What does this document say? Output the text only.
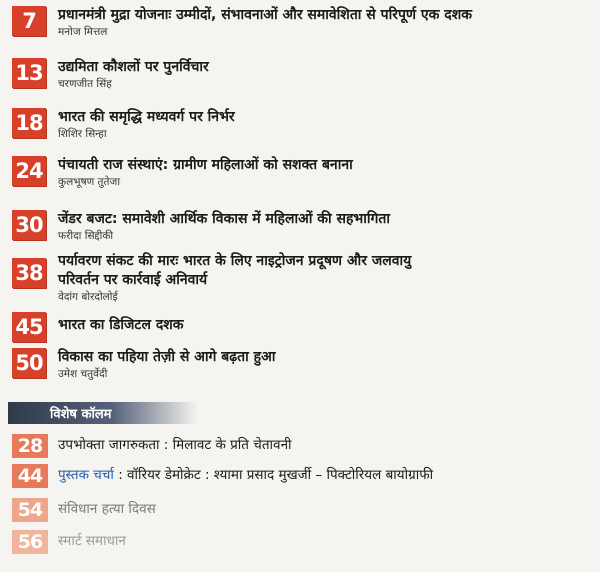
7	प्रधानमंत्री मुद्रा योजनाः उम्मीदों, संभावनाओं और समावेशिता से परिपूर्ण एक दशक

मनोज मित्तल

13 उद्यमिता कौशलों पर पुनर्विचार

चरणजीत सिंह

18 भारत की समृद्धि मध्यवर्ग पर निर्भर

शिशिर सिन्हा

24 पंचायती राज संस्थाएं: ग्रामीण महिलाओं को सशक्त बनाना

कुलभूषण तुतेजा

30 जेंडर बजट: समावेशी आर्थिक विकास में महिलाओं की सहभागिता

फरीदा सिद्दीकी

38 पर्यावरण संकट की मारः भारत के लिए नाइट्रोजन प्रदूषण और जलवायु परिवर्तन पर कार्रवाई अनिवार्य

वेदांग बोरदोलोई

45 भारत का डिजिटल दशक

50 विकास का पहिया तेज़ी से आगे बढ़ता हुआ

उमेश चतुर्वेदी

विशेष कॉलम
28	उपभोक्ता जागरुकता : मिलावट के प्रति चेतावनी

44	पुस्तक चर्चा : वॉरियर डेमोक्रेट : श्यामा प्रसाद मुखर्जी – पिक्टोरियल बायोग्राफी

54	संविधान हत्या दिवस

56	स्मार्ट समाधान
